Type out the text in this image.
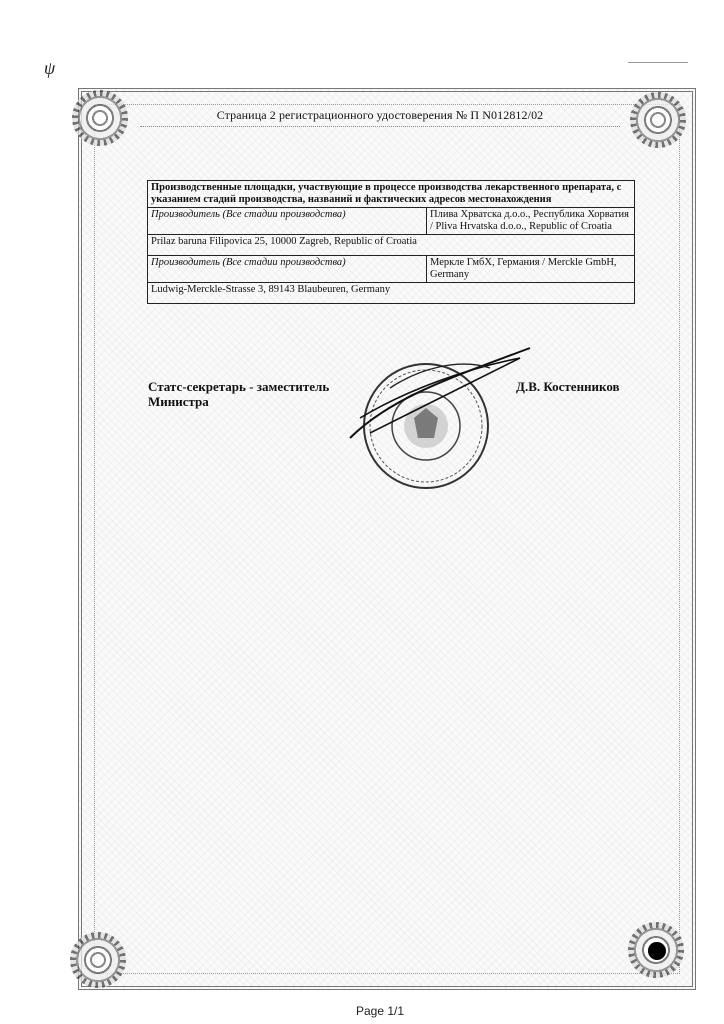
ψ
Страница 2 регистрационного удостоверения № П N012812/02
Производственные площадки, участвующие в процессе производства лекарственного препарата, с указанием стадий производства, названий и фактических адресов местонахождения	
Производитель (Все стадии производства)	Плива Хрватска д.о.о., Республика Хорватия / Pliva Hrvatska d.o.o., Republic of Croatia
Prilaz baruna Filipovica 25, 10000 Zagreb, Republic of Croatia	
Производитель (Все стадии производства)	Меркле ГмбХ, Германия / Merckle GmbH, Germany
Ludwig-Merckle-Strasse 3, 89143 Blaubeuren, Germany	
Статс-секретарь - заместитель
Министра
Д.В. Костенников
Page 1/1
